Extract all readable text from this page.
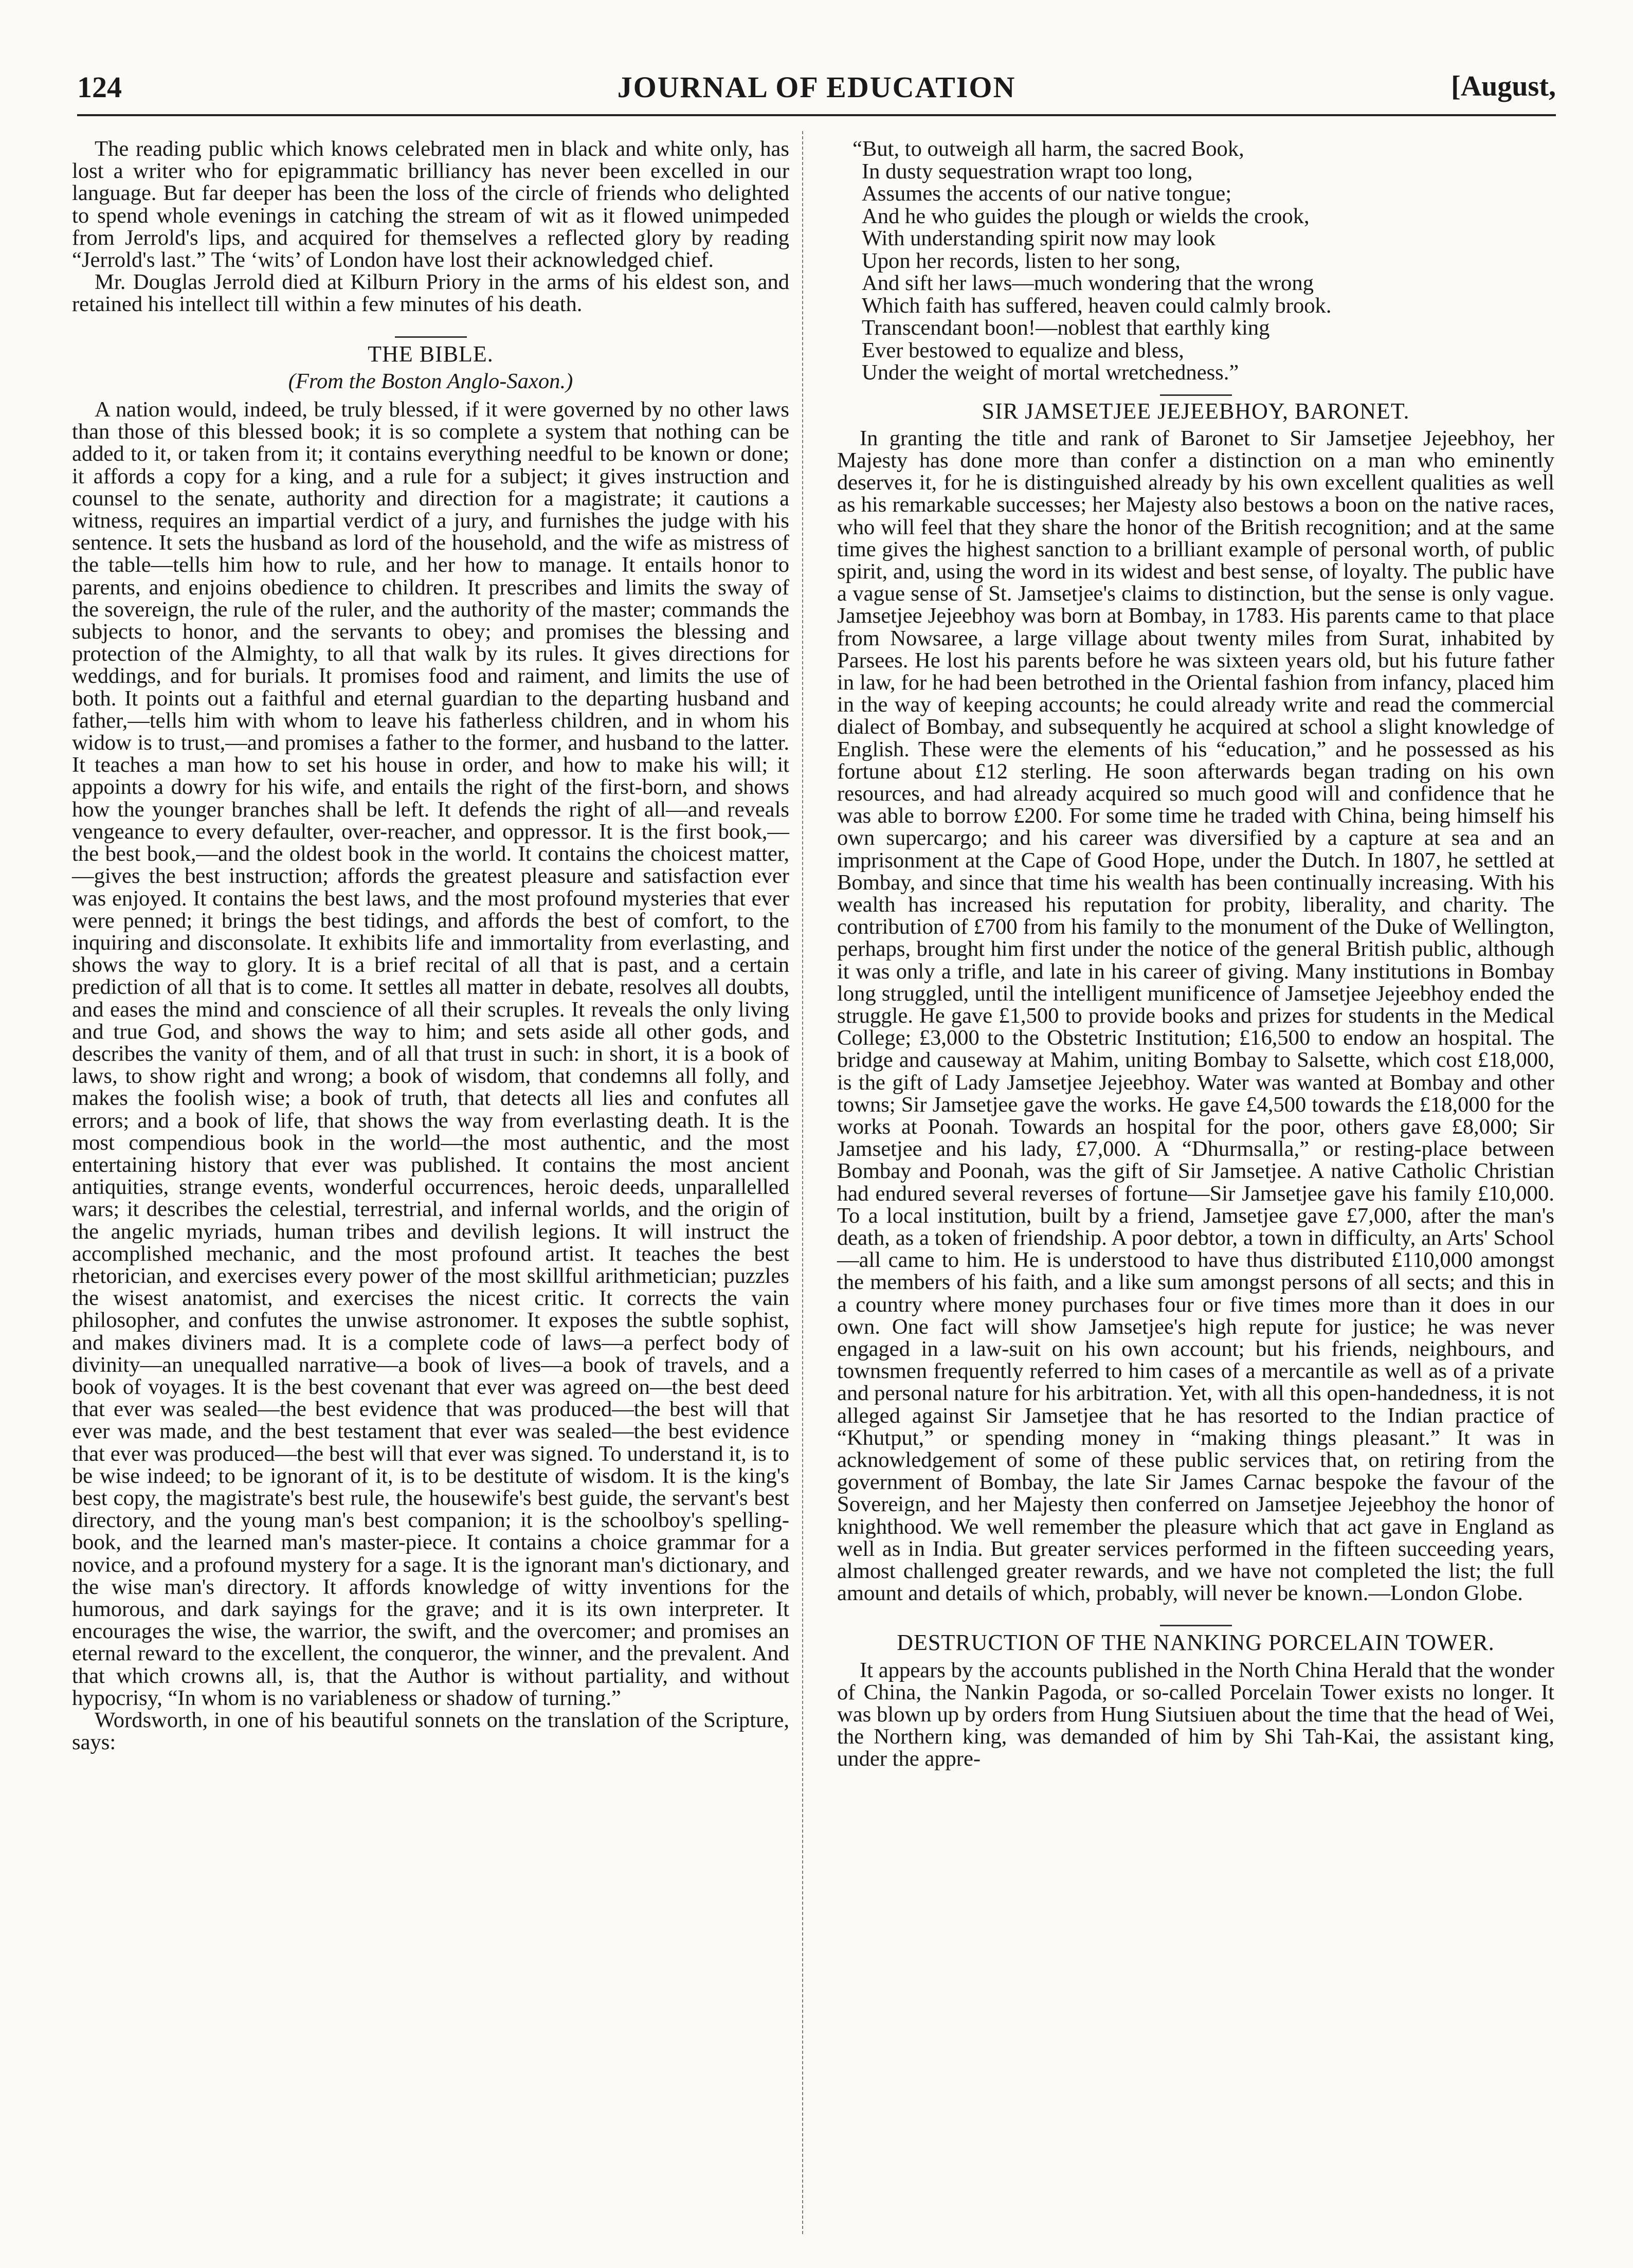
124	JOURNAL OF EDUCATION	[August,

The reading public which knows celebrated men in black and white only, has lost a writer who for epigrammatic brilliancy has never been excelled in our language. But far deeper has been the loss of the circle of friends who delighted to spend whole evenings in catching the stream of wit as it flowed unimpeded from Jerrold's lips, and acquired for themselves a reflected glory by reading “Jerrold's last.” The ‘wits’ of London have lost their acknowledged chief.

Mr. Douglas Jerrold died at Kilburn Priory in the arms of his eldest son, and retained his intellect till within a few minutes of his death.

THE BIBLE.
(From the Boston Anglo-Saxon.)

A nation would, indeed, be truly blessed, if it were governed by no other laws than those of this blessed book; it is so complete a system that nothing can be added to it, or taken from it; it contains everything needful to be known or done; it affords a copy for a king, and a rule for a subject; it gives instruction and counsel to the senate, authority and direction for a magistrate; it cautions a witness, requires an impartial verdict of a jury, and furnishes the judge with his sentence. It sets the husband as lord of the household, and the wife as mistress of the table—tells him how to rule, and her how to manage. It entails honor to parents, and enjoins obedience to children. It prescribes and limits the sway of the sovereign, the rule of the ruler, and the authority of the master; commands the subjects to honor, and the servants to obey; and promises the blessing and protection of the Almighty, to all that walk by its rules. It gives directions for weddings, and for burials. It promises food and raiment, and limits the use of both. It points out a faithful and eternal guardian to the departing husband and father,—tells him with whom to leave his fatherless children, and in whom his widow is to trust,—and promises a father to the former, and husband to the latter. It teaches a man how to set his house in order, and how to make his will; it appoints a dowry for his wife, and entails the right of the first-born, and shows how the younger branches shall be left. It defends the right of all—and reveals vengeance to every defaulter, over-reacher, and oppressor. It is the first book,—the best book,—and the oldest book in the world. It contains the choicest matter,—gives the best instruction; affords the greatest pleasure and satisfaction ever was enjoyed. It contains the best laws, and the most profound mysteries that ever were penned; it brings the best tidings, and affords the best of comfort, to the inquiring and disconsolate. It exhibits life and immortality from everlasting, and shows the way to glory. It is a brief recital of all that is past, and a certain prediction of all that is to come. It settles all matter in debate, resolves all doubts, and eases the mind and conscience of all their scruples. It reveals the only living and true God, and shows the way to him; and sets aside all other gods, and describes the vanity of them, and of all that trust in such: in short, it is a book of laws, to show right and wrong; a book of wisdom, that condemns all folly, and makes the foolish wise; a book of truth, that detects all lies and confutes all errors; and a book of life, that shows the way from everlasting death. It is the most compendious book in the world—the most authentic, and the most entertaining history that ever was published. It contains the most ancient antiquities, strange events, wonderful occurrences, heroic deeds, unparallelled wars; it describes the celestial, terrestrial, and infernal worlds, and the origin of the angelic myriads, human tribes and devilish legions. It will instruct the accomplished mechanic, and the most profound artist. It teaches the best rhetorician, and exercises every power of the most skillful arithmetician; puzzles the wisest anatomist, and exercises the nicest critic. It corrects the vain philosopher, and confutes the unwise astronomer. It exposes the subtle sophist, and makes diviners mad. It is a complete code of laws—a perfect body of divinity—an unequalled narrative—a book of lives—a book of travels, and a book of voyages. It is the best covenant that ever was agreed on—the best deed that ever was sealed—the best evidence that was produced—the best will that ever was made, and the best testament that ever was sealed—the best evidence that ever was produced—the best will that ever was signed. To understand it, is to be wise indeed; to be ignorant of it, is to be destitute of wisdom. It is the king's best copy, the magistrate's best rule, the housewife's best guide, the servant's best directory, and the young man's best companion; it is the schoolboy's spelling-book, and the learned man's master-piece. It contains a choice grammar for a novice, and a profound mystery for a sage. It is the ignorant man's dictionary, and the wise man's directory. It affords knowledge of witty inventions for the humorous, and dark sayings for the grave; and it is its own interpreter. It encourages the wise, the warrior, the swift, and the overcomer; and promises an eternal reward to the excellent, the conqueror, the winner, and the prevalent. And that which crowns all, is, that the Author is without partiality, and without hypocrisy, “In whom is no variableness or shadow of turning.”

Wordsworth, in one of his beautiful sonnets on the translation of the Scripture, says:

“But, to outweigh all harm, the sacred Book,
In dusty sequestration wrapt too long,
Assumes the accents of our native tongue;
And he who guides the plough or wields the crook,
With understanding spirit now may look
Upon her records, listen to her song,
And sift her laws—much wondering that the wrong
Which faith has suffered, heaven could calmly brook.
Transcendant boon!—noblest that earthly king
Ever bestowed to equalize and bless,
Under the weight of mortal wretchedness.”
SIR JAMSETJEE JEJEEBHOY, BARONET.

In granting the title and rank of Baronet to Sir Jamsetjee Jejeebhoy, her Majesty has done more than confer a distinction on a man who eminently deserves it, for he is distinguished already by his own excellent qualities as well as his remarkable successes; her Majesty also bestows a boon on the native races, who will feel that they share the honor of the British recognition; and at the same time gives the highest sanction to a brilliant example of personal worth, of public spirit, and, using the word in its widest and best sense, of loyalty. The public have a vague sense of St. Jamsetjee's claims to distinction, but the sense is only vague. Jamsetjee Jejeebhoy was born at Bombay, in 1783. His parents came to that place from Nowsaree, a large village about twenty miles from Surat, inhabited by Parsees. He lost his parents before he was sixteen years old, but his future father in law, for he had been betrothed in the Oriental fashion from infancy, placed him in the way of keeping accounts; he could already write and read the commercial dialect of Bombay, and subsequently he acquired at school a slight knowledge of English. These were the elements of his “education,” and he possessed as his fortune about £12 sterling. He soon afterwards began trading on his own resources, and had already acquired so much good will and confidence that he was able to borrow £200. For some time he traded with China, being himself his own supercargo; and his career was diversified by a capture at sea and an imprisonment at the Cape of Good Hope, under the Dutch. In 1807, he settled at Bombay, and since that time his wealth has been continually increasing. With his wealth has increased his reputation for probity, liberality, and charity. The contribution of £700 from his family to the monument of the Duke of Wellington, perhaps, brought him first under the notice of the general British public, although it was only a trifle, and late in his career of giving. Many institutions in Bombay long struggled, until the intelligent munificence of Jamsetjee Jejeebhoy ended the struggle. He gave £1,500 to provide books and prizes for students in the Medical College; £3,000 to the Obstetric Institution; £16,500 to endow an hospital. The bridge and causeway at Mahim, uniting Bombay to Salsette, which cost £18,000, is the gift of Lady Jamsetjee Jejeebhoy. Water was wanted at Bombay and other towns; Sir Jamsetjee gave the works. He gave £4,500 towards the £18,000 for the works at Poonah. Towards an hospital for the poor, others gave £8,000; Sir Jamsetjee and his lady, £7,000. A “Dhurmsalla,” or resting-place between Bombay and Poonah, was the gift of Sir Jamsetjee. A native Catholic Christian had endured several reverses of fortune—Sir Jamsetjee gave his family £10,000. To a local institution, built by a friend, Jamsetjee gave £7,000, after the man's death, as a token of friendship. A poor debtor, a town in difficulty, an Arts' School—all came to him. He is understood to have thus distributed £110,000 amongst the members of his faith, and a like sum amongst persons of all sects; and this in a country where money purchases four or five times more than it does in our own. One fact will show Jamsetjee's high repute for justice; he was never engaged in a law-suit on his own account; but his friends, neighbours, and townsmen frequently referred to him cases of a mercantile as well as of a private and personal nature for his arbitration. Yet, with all this open-handedness, it is not alleged against Sir Jamsetjee that he has resorted to the Indian practice of “Khutput,” or spending money in “making things pleasant.” It was in acknowledgement of some of these public services that, on retiring from the government of Bombay, the late Sir James Carnac bespoke the favour of the Sovereign, and her Majesty then conferred on Jamsetjee Jejeebhoy the honor of knighthood. We well remember the pleasure which that act gave in England as well as in India. But greater services performed in the fifteen succeeding years, almost challenged greater rewards, and we have not completed the list; the full amount and details of which, probably, will never be known.—London Globe.

DESTRUCTION OF THE NANKING PORCELAIN TOWER.

It appears by the accounts published in the North China Herald that the wonder of China, the Nankin Pagoda, or so-called Porcelain Tower exists no longer. It was blown up by orders from Hung Siutsiuen about the time that the head of Wei, the Northern king, was demanded of him by Shi Tah-Kai, the assistant king, under the appre-
